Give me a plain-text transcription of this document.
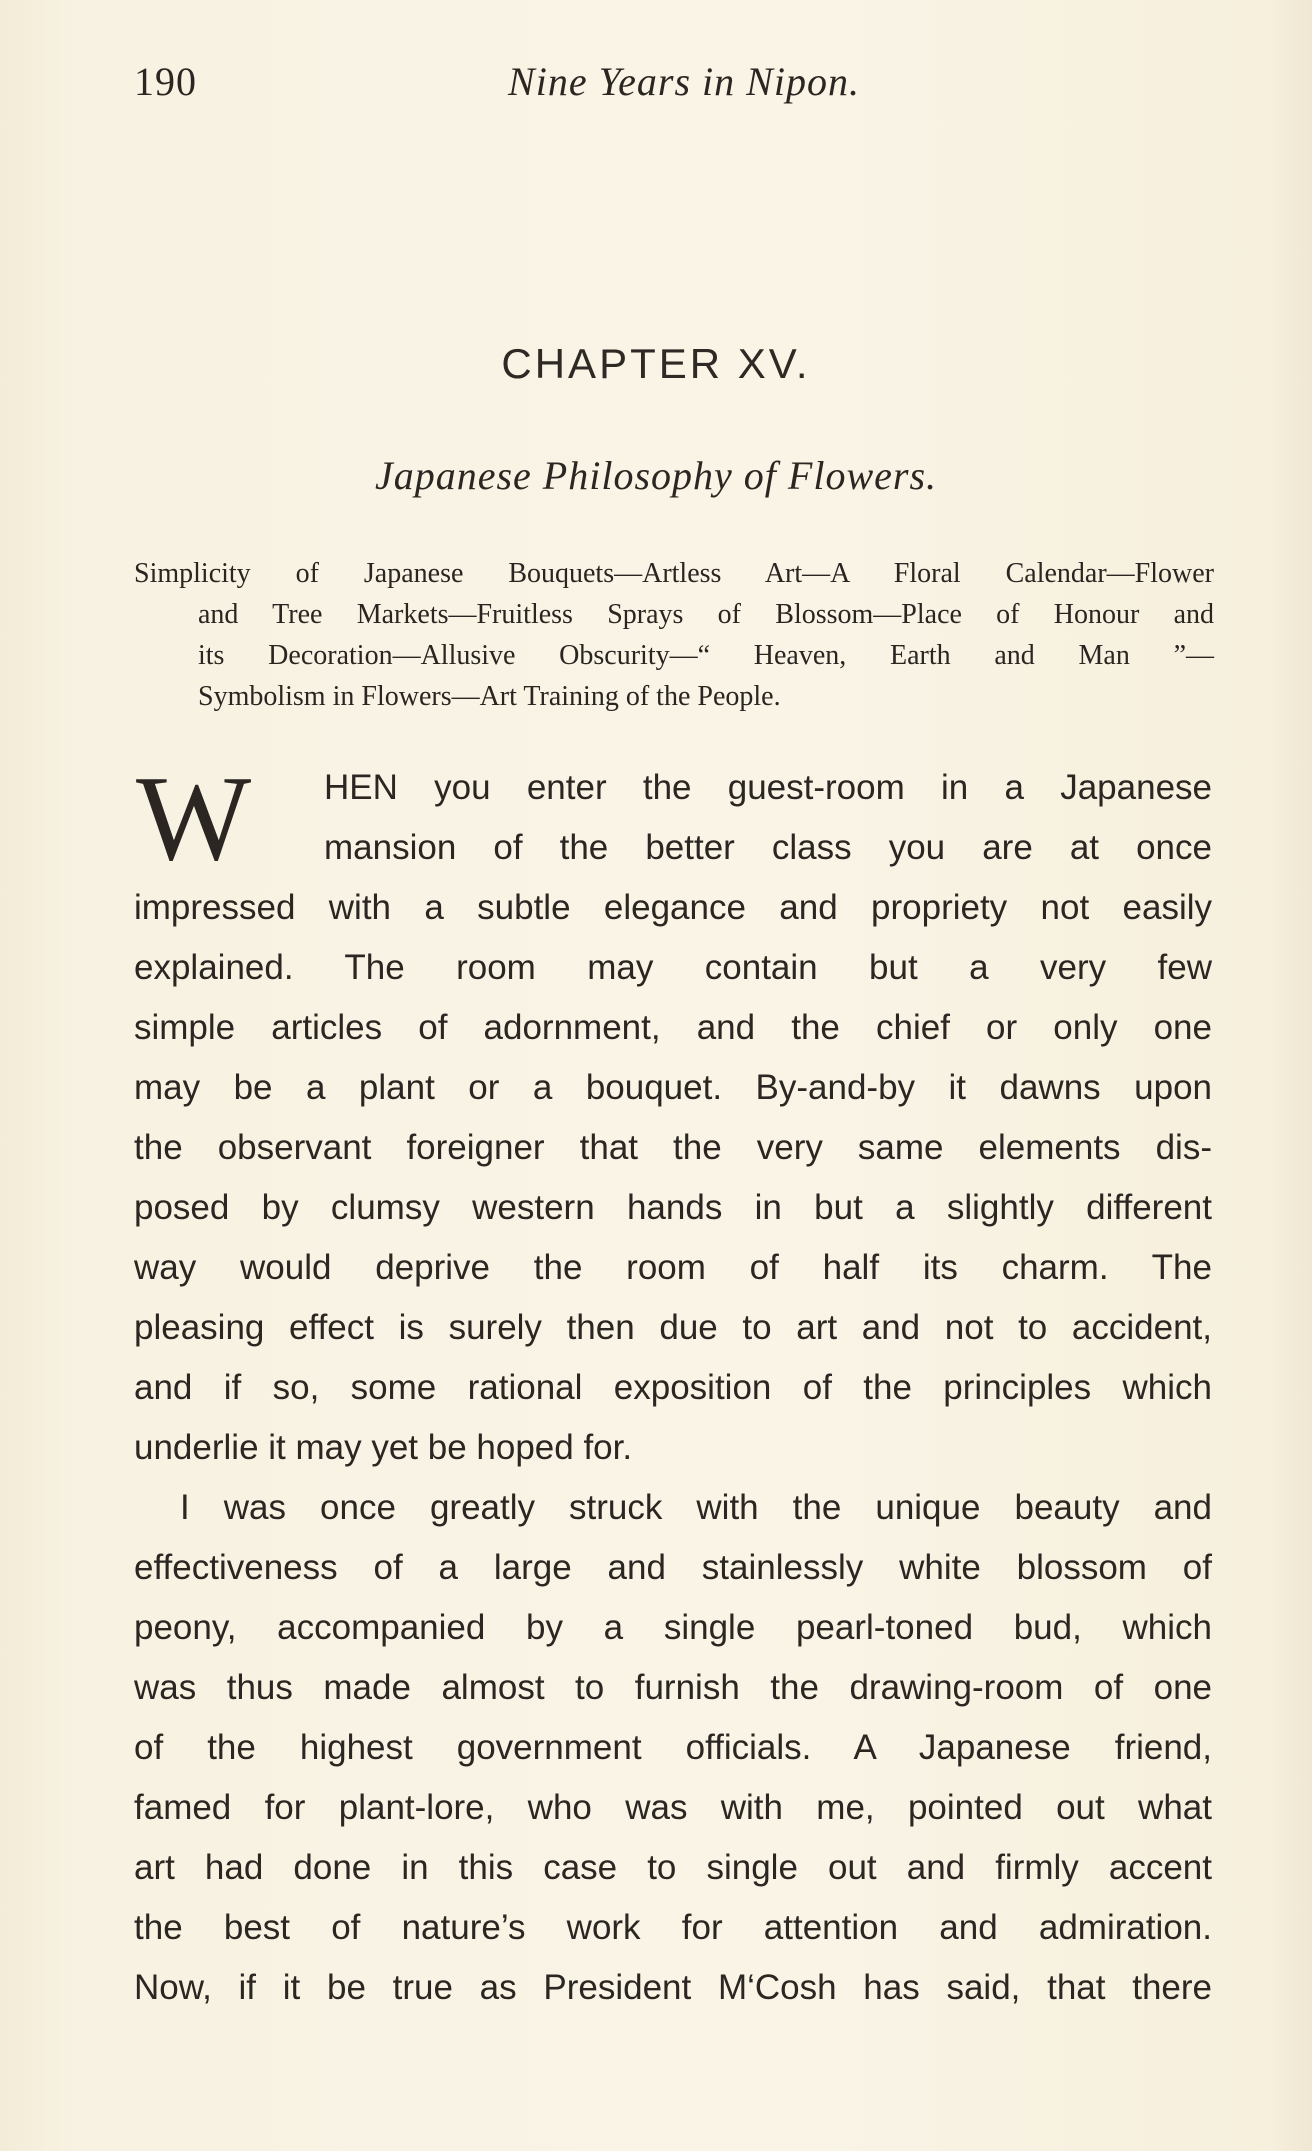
190	Nine Years in Nipon.
CHAPTER XV.
Japanese Philosophy of Flowers.
Simplicity of Japanese Bouquets—Artless Art—A Floral Calendar—Flower
and Tree Markets—Fruitless Sprays of Blossom—Place of Honour and
its Decoration—Allusive Obscurity—“ Heaven, Earth and Man ”—
Symbolism in Flowers—Art Training of the People.
W HEN you enter the guest-room in a Japanese
mansion of the better class you are at once
impressed with a subtle elegance and propriety not easily
explained. The room may contain but a very few
simple articles of adornment, and the chief or only one
may be a plant or a bouquet. By-and-by it dawns upon
the observant foreigner that the very same elements dis-
posed by clumsy western hands in but a slightly different
way would deprive the room of half its charm. The
pleasing effect is surely then due to art and not to accident,
and if so, some rational exposition of the principles which
underlie it may yet be hoped for.
I was once greatly struck with the unique beauty and
effectiveness of a large and stainlessly white blossom of
peony, accompanied by a single pearl-toned bud, which
was thus made almost to furnish the drawing-room of one
of the highest government officials. A Japanese friend,
famed for plant-lore, who was with me, pointed out what
art had done in this case to single out and firmly accent
the best of nature’s work for attention and admiration.
Now, if it be true as President M‘Cosh has said, that there
